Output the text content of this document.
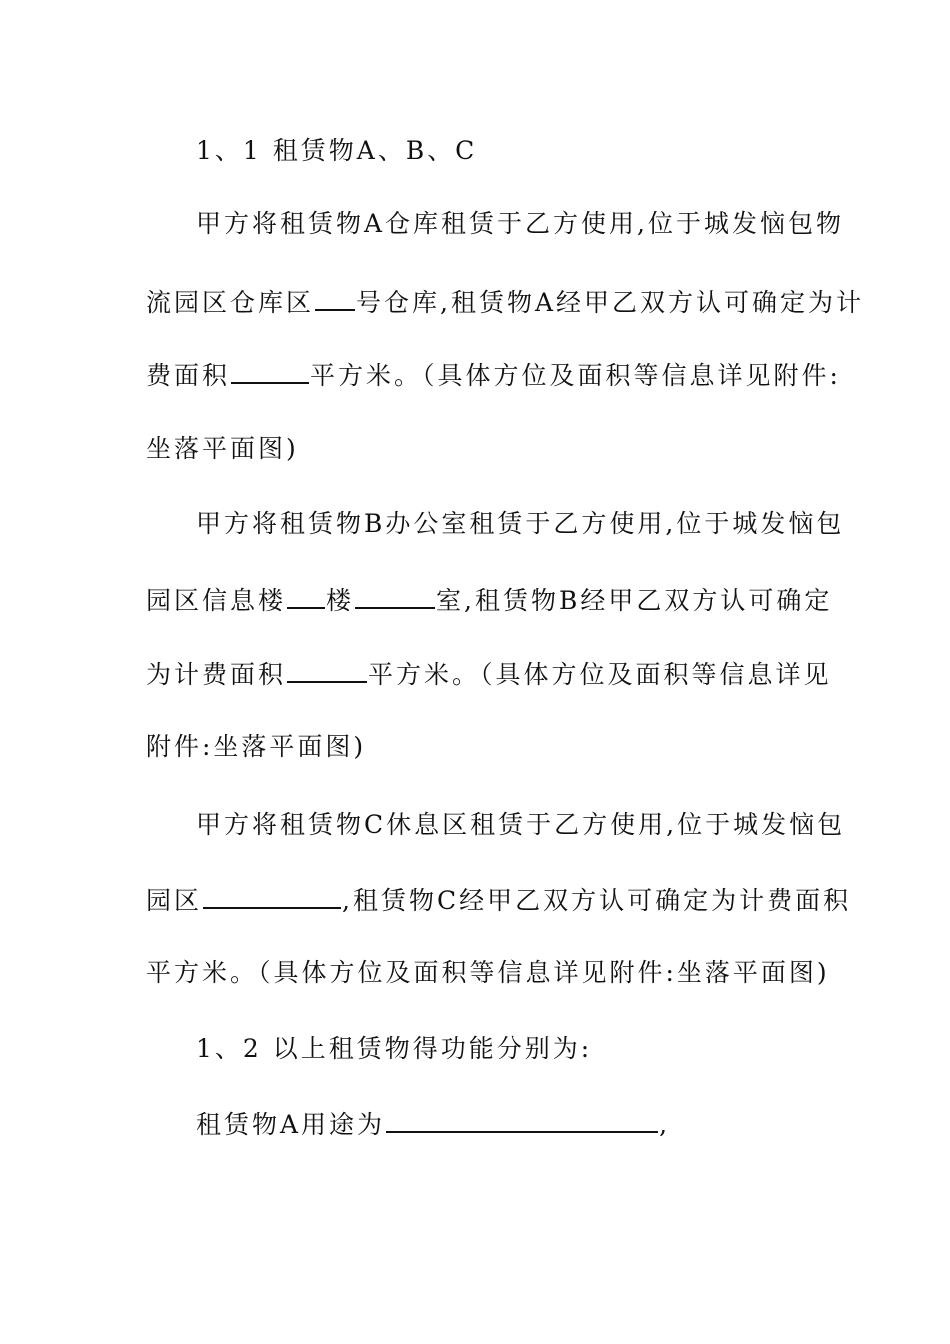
1、1 租赁物A、B、C
甲方将租赁物A仓库租赁于乙方使用,位于城发恼包物
流园区仓库区 号仓库,租赁物A经甲乙双方认可确定为计
费面积	平方米。（具体方位及面积等信息详见附件:
坐落平面图)
甲方将租赁物B办公室租赁于乙方使用,位于城发恼包
园区信息楼 楼	室,租赁物B经甲乙双方认可确定
为计费面积	平方米。（具体方位及面积等信息详见
附件:坐落平面图)
甲方将租赁物C休息区租赁于乙方使用,位于城发恼包
园区	,租赁物C经甲乙双方认可确定为计费面积
平方米。（具体方位及面积等信息详见附件:坐落平面图)
1、2 以上租赁物得功能分别为:
租赁物A用途为	,
